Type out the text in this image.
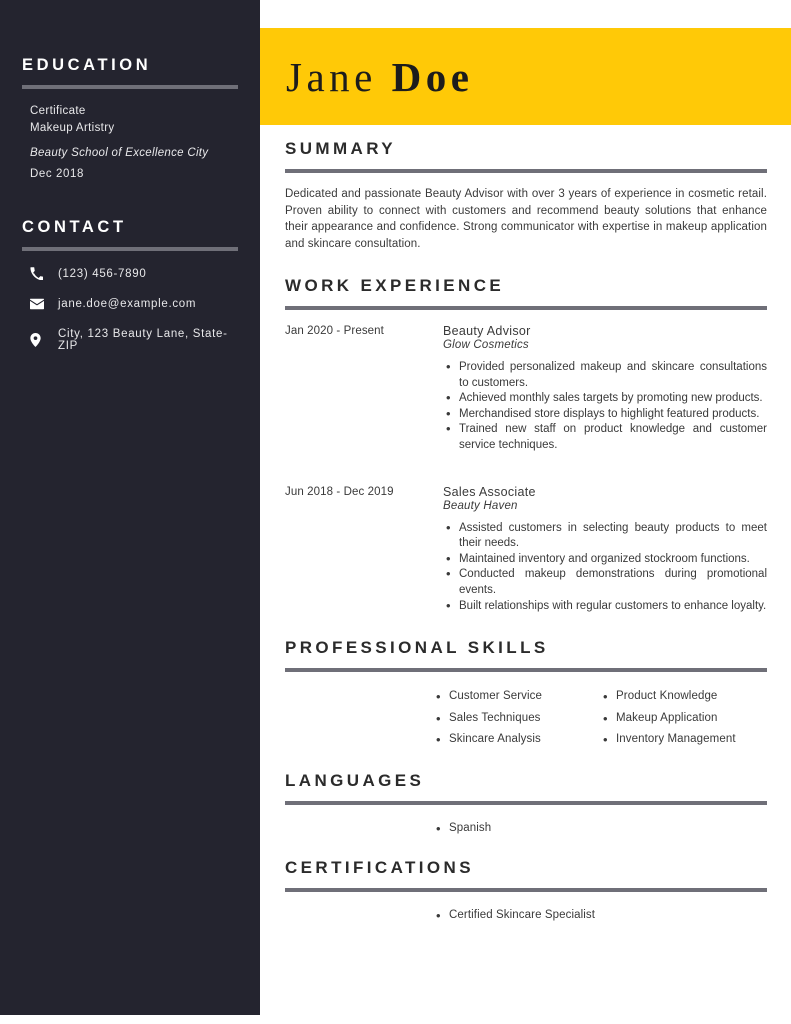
EDUCATION
Certificate
Makeup Artistry
Beauty School of Excellence City
Dec 2018
CONTACT
(123) 456-7890
jane.doe@example.com
City, 123 Beauty Lane, State-ZIP
Jane Doe
SUMMARY
Dedicated and passionate Beauty Advisor with over 3 years of experience in cosmetic retail. Proven ability to connect with customers and recommend beauty solutions that enhance their appearance and confidence. Strong communicator with expertise in makeup application and skincare consultation.
WORK EXPERIENCE
Jan 2020 - Present	Beauty Advisor
Glow Cosmetics
• Provided personalized makeup and skincare consultations to customers.
• Achieved monthly sales targets by promoting new products.
• Merchandised store displays to highlight featured products.
• Trained new staff on product knowledge and customer service techniques.
Jun 2018 - Dec 2019	Sales Associate
Beauty Haven
• Assisted customers in selecting beauty products to meet their needs.
• Maintained inventory and organized stockroom functions.
• Conducted makeup demonstrations during promotional events.
• Built relationships with regular customers to enhance loyalty.
PROFESSIONAL SKILLS
• Customer Service
• Sales Techniques
• Skincare Analysis
• Product Knowledge
• Makeup Application
• Inventory Management
LANGUAGES
• Spanish
CERTIFICATIONS
• Certified Skincare Specialist
